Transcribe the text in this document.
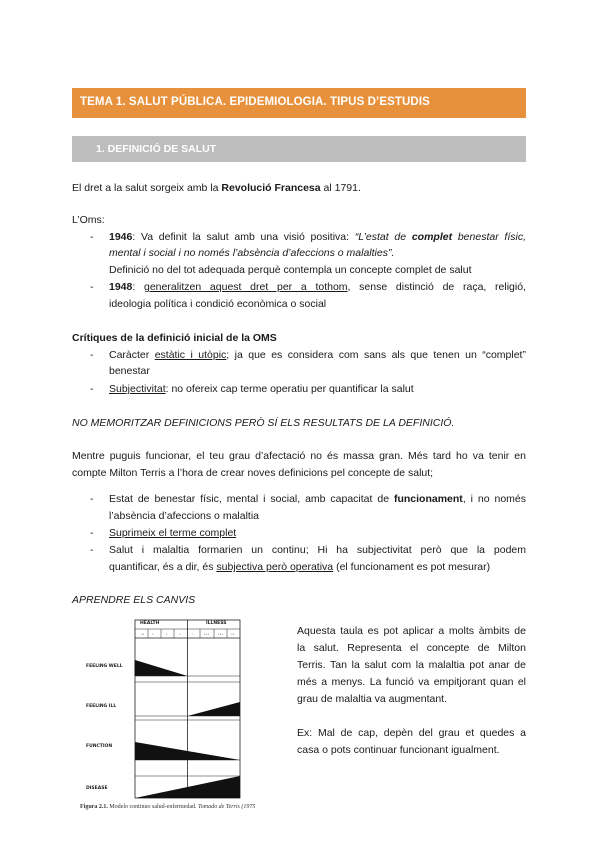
TEMA 1. SALUT PÚBLICA. EPIDEMIOLOGIA. TIPUS D’ESTUDIS
1. DEFINICIÓ DE SALUT
El dret a la salut sorgeix amb la Revolució Francesa al 1791.
L’Oms:
- 1946: Va definit la salut amb una visió positiva: “L’estat de complet benestar físic,
mental i social i no només l’absència d’afeccions o malalties”.
Definició no del tot adequada perquè contempla un concepte complet de salut
- 1948: generalitzen aquest dret per a tothom, sense distinció de raça, religió,
ideologia política i condició econòmica o social
Crítiques de la definició inicial de la OMS
- Caràcter estàtic i utòpic; ja que es considera com sans als que tenen un “complet”
benestar
- Subjectivitat: no ofereix cap terme operatiu per quantificar la salut
NO MEMORITZAR DEFINICIONS PERÒ SÍ ELS RESULTATS DE LA DEFINICIÓ.
Mentre puguis funcionar, el teu grau d’afectació no és massa gran. Més tard ho va tenir en
compte Milton Terris a l’hora de crear noves definicions pel concepte de salut;
- Estat de benestar físic, mental i social, amb capacitat de funcionament, i no només
l’absència d’afeccions o malaltia
- Suprimeix el terme complet
- Salut i malaltia formarien un continu; Hi ha subjectivitat però que la podem
quantificar, és a dir, és subjectiva però operativa (el funcionament es pot mesurar)
APRENDRE ELS CANVIS
•• •	•	•	•	•••	•••	••
HEALTH	ILLNESS
FEELING WELL
FEELING ILL
FUNCTION
DISEASE
Figura 2.1. Modelo continuo salud-enfermedad. Tomado de Terris (1975
Aquesta taula es pot aplicar a molts àmbits de
la salut. Representa el concepte de Milton
Terris. Tan la salut com la malaltia pot anar de
més a menys. La funció va empitjorant quan el
grau de malaltia va augmentant.
Ex: Mal de cap, depèn del grau et quedes a
casa o pots continuar funcionant igualment.
